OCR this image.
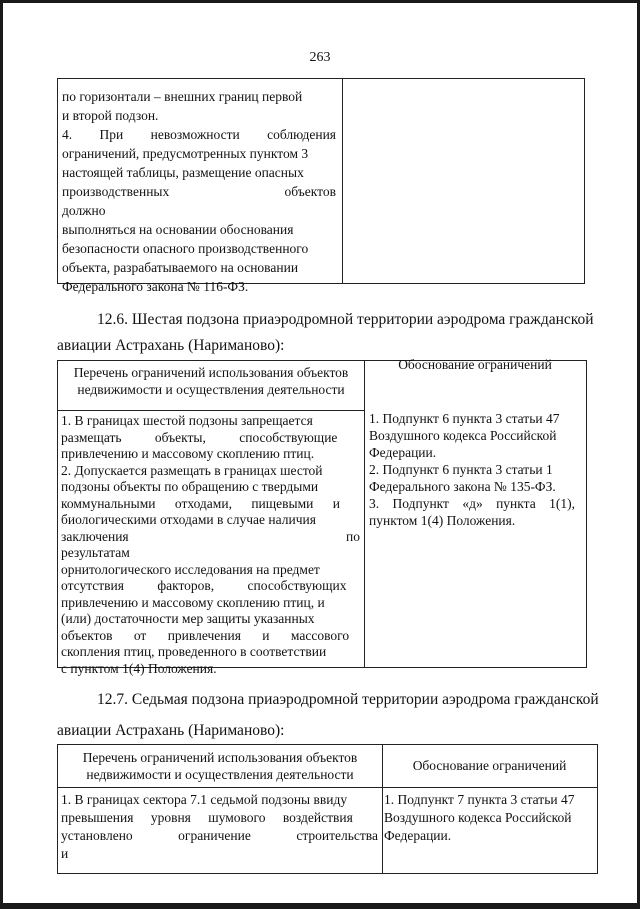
263

по горизонтали – внешних границ первой

и второй подзон.

4. При невозможности соблюдения

ограничений, предусмотренных пунктом 3

настоящей таблицы, размещение опасных

производственных объектов должно

выполняться на основании обоснования

безопасности опасного производственного

объекта, разрабатываемого на основании

Федерального закона № 116-ФЗ.

12.6. Шестая подзона приаэродромной территории аэродрома гражданской
авиации Астрахань (Нариманово):
Перечень ограничений использования объектов недвижимости и осуществления деятельности
Обоснование ограничений

1. В границах шестой подзоны запрещается

размещать объекты, способствующие

привлечению и массовому скоплению птиц.

2. Допускается размещать в границах шестой

подзоны объекты по обращению с твердыми

коммунальными отходами, пищевыми и

биологическими отходами в случае наличия

заключения по результатам

орнитологического исследования на предмет

отсутствия факторов, способствующих

привлечению и массовому скоплению птиц, и

(или) достаточности мер защиты указанных

объектов от привлечения и массового

скопления птиц, проведенного в соответствии

с пунктом 1(4) Положения.

1. Подпункт 6 пункта 3 статьи 47

Воздушного кодекса Российской

Федерации.

2. Подпункт 6 пункта 3 статьи 1

Федерального закона № 135-ФЗ.

3. Подпункт «д» пункта 1(1),

пунктом 1(4) Положения.

12.7. Седьмая подзона приаэродромной территории аэродрома гражданской
авиации Астрахань (Нариманово):
Перечень ограничений использования объектов недвижимости и осуществления деятельности
Обоснование ограничений

1. В границах сектора 7.1 седьмой подзоны ввиду

превышения уровня шумового воздействия

установлено ограничение строительства и

1. Подпункт 7 пункта 3 статьи 47

Воздушного кодекса Российской

Федерации.
